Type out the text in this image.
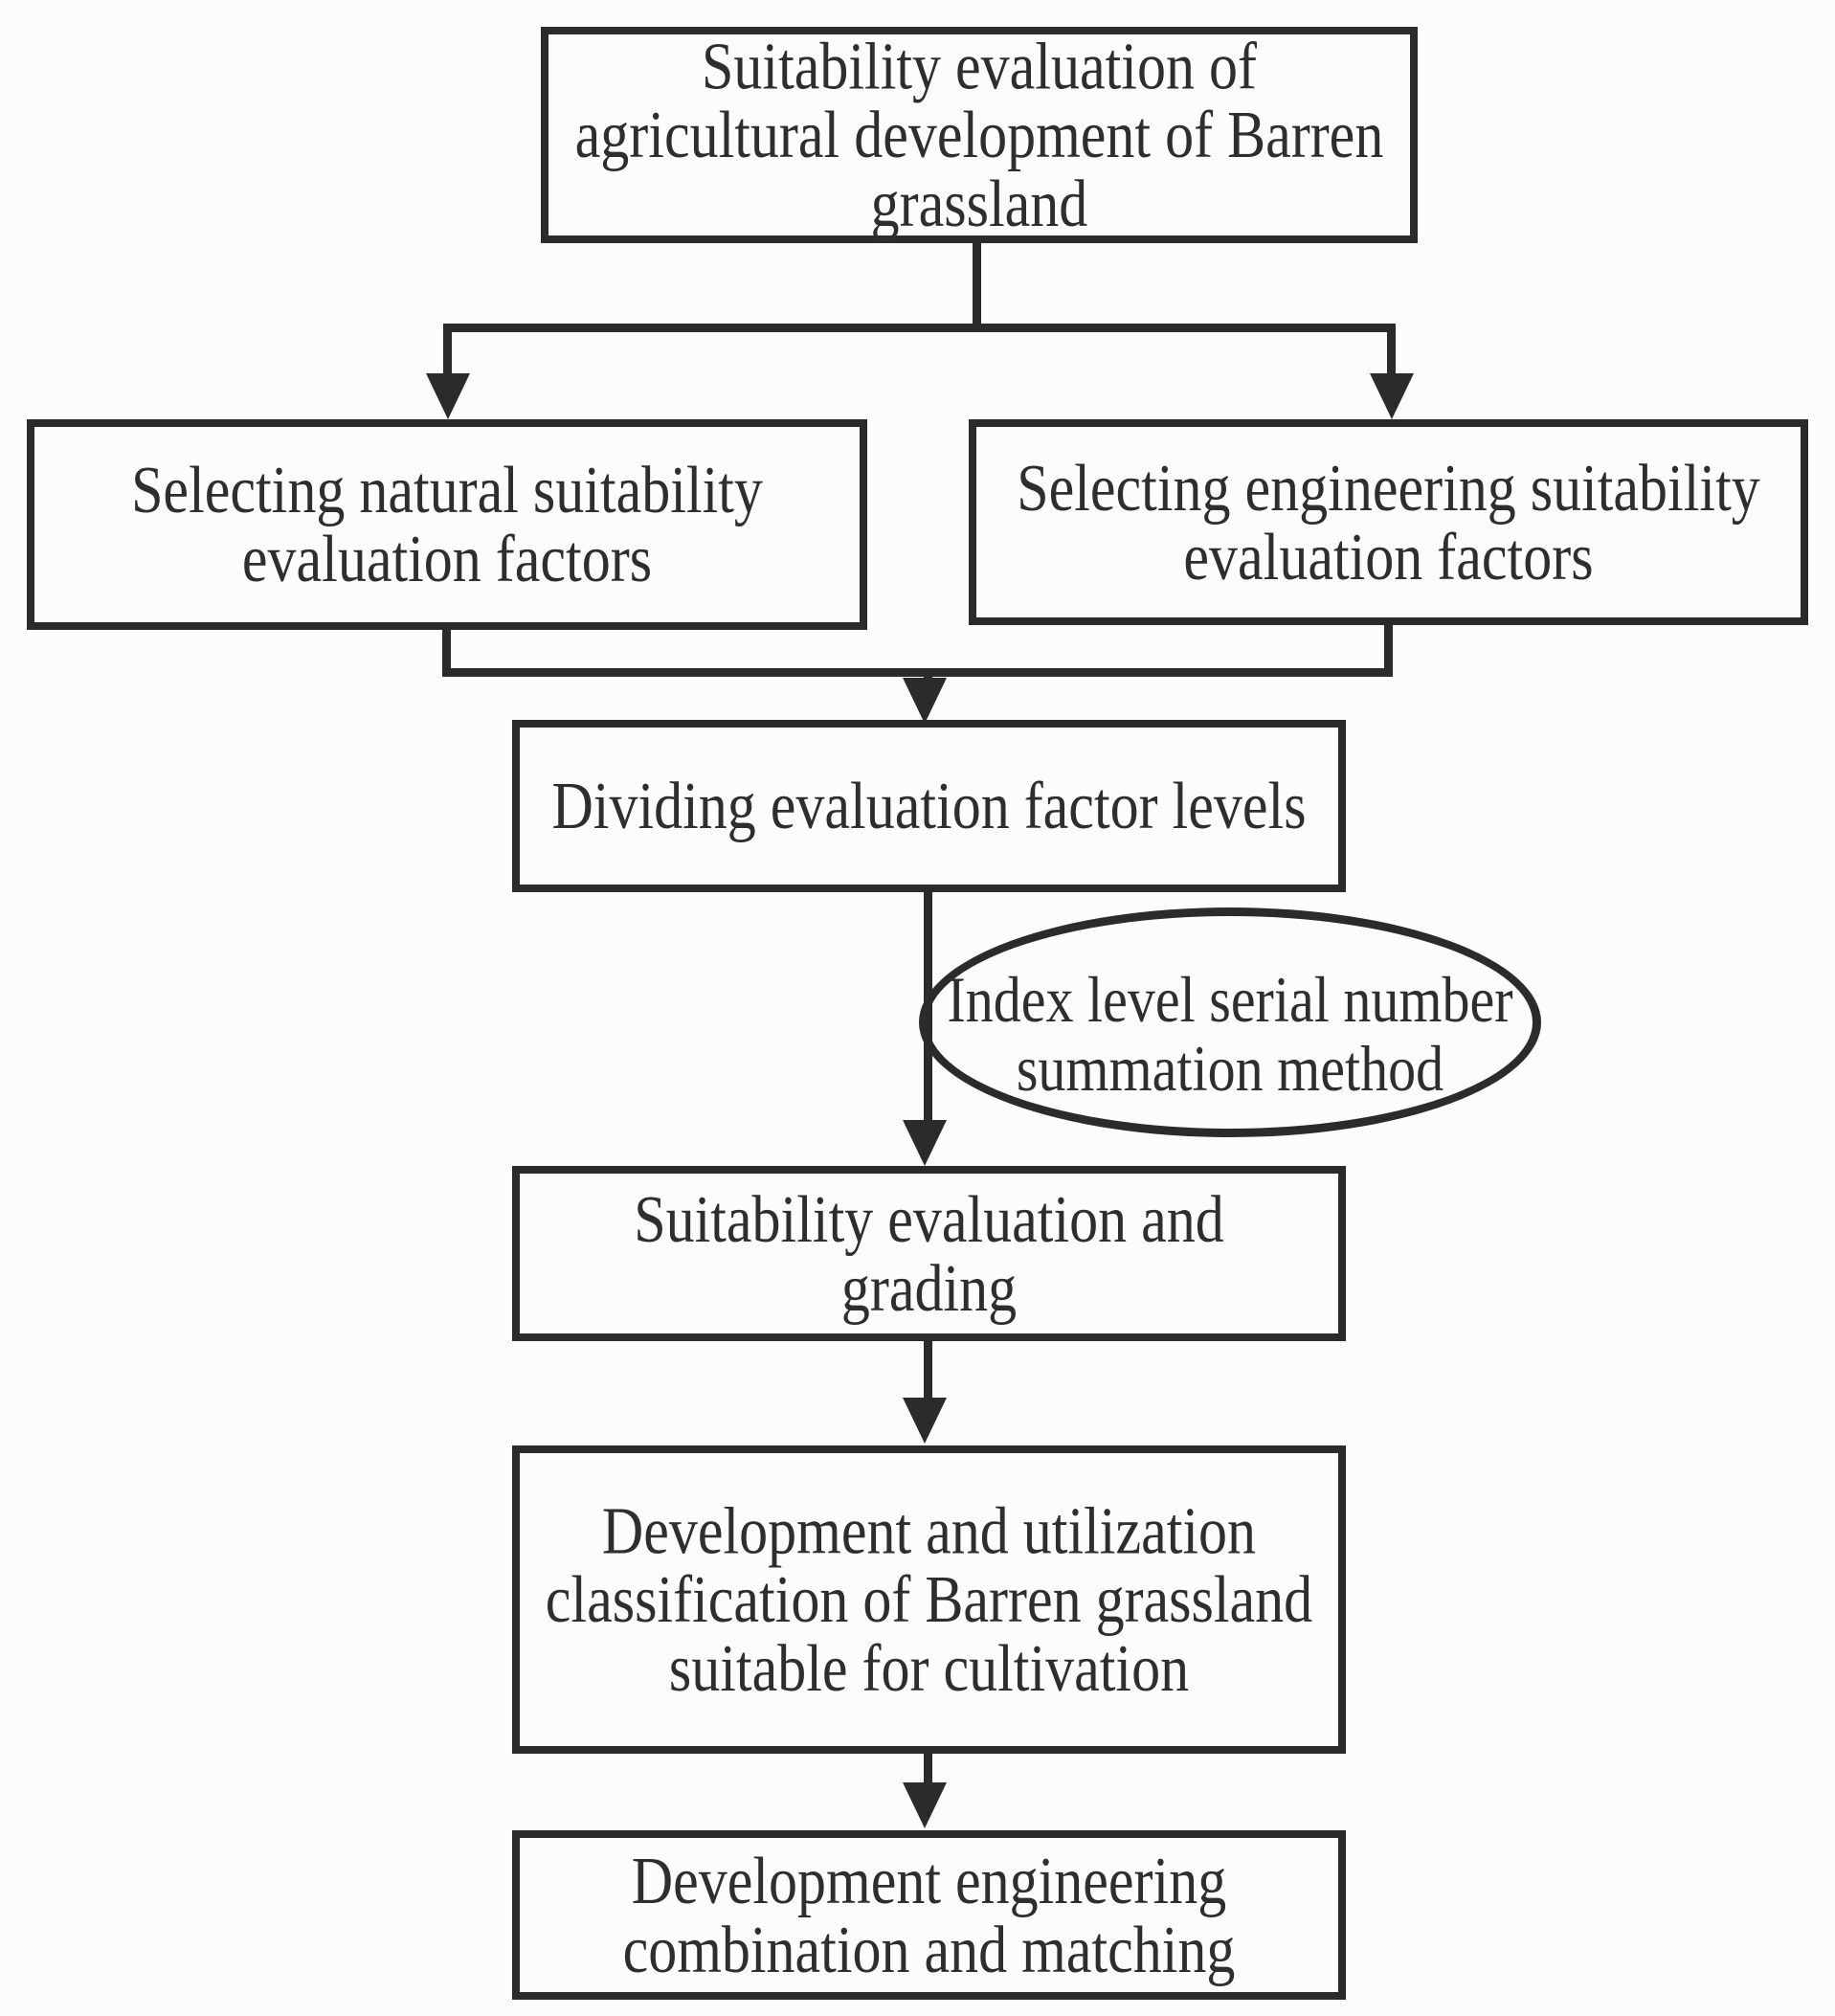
Suitability evaluation of
agricultural development of Barren
grassland
Selecting natural suitability
evaluation factors
Selecting engineering suitability
evaluation factors
Dividing evaluation factor levels
Index level serial number
summation method
Suitability evaluation and
grading
Development and utilization
classification of Barren grassland
suitable for cultivation
Development engineering
combination and matching
